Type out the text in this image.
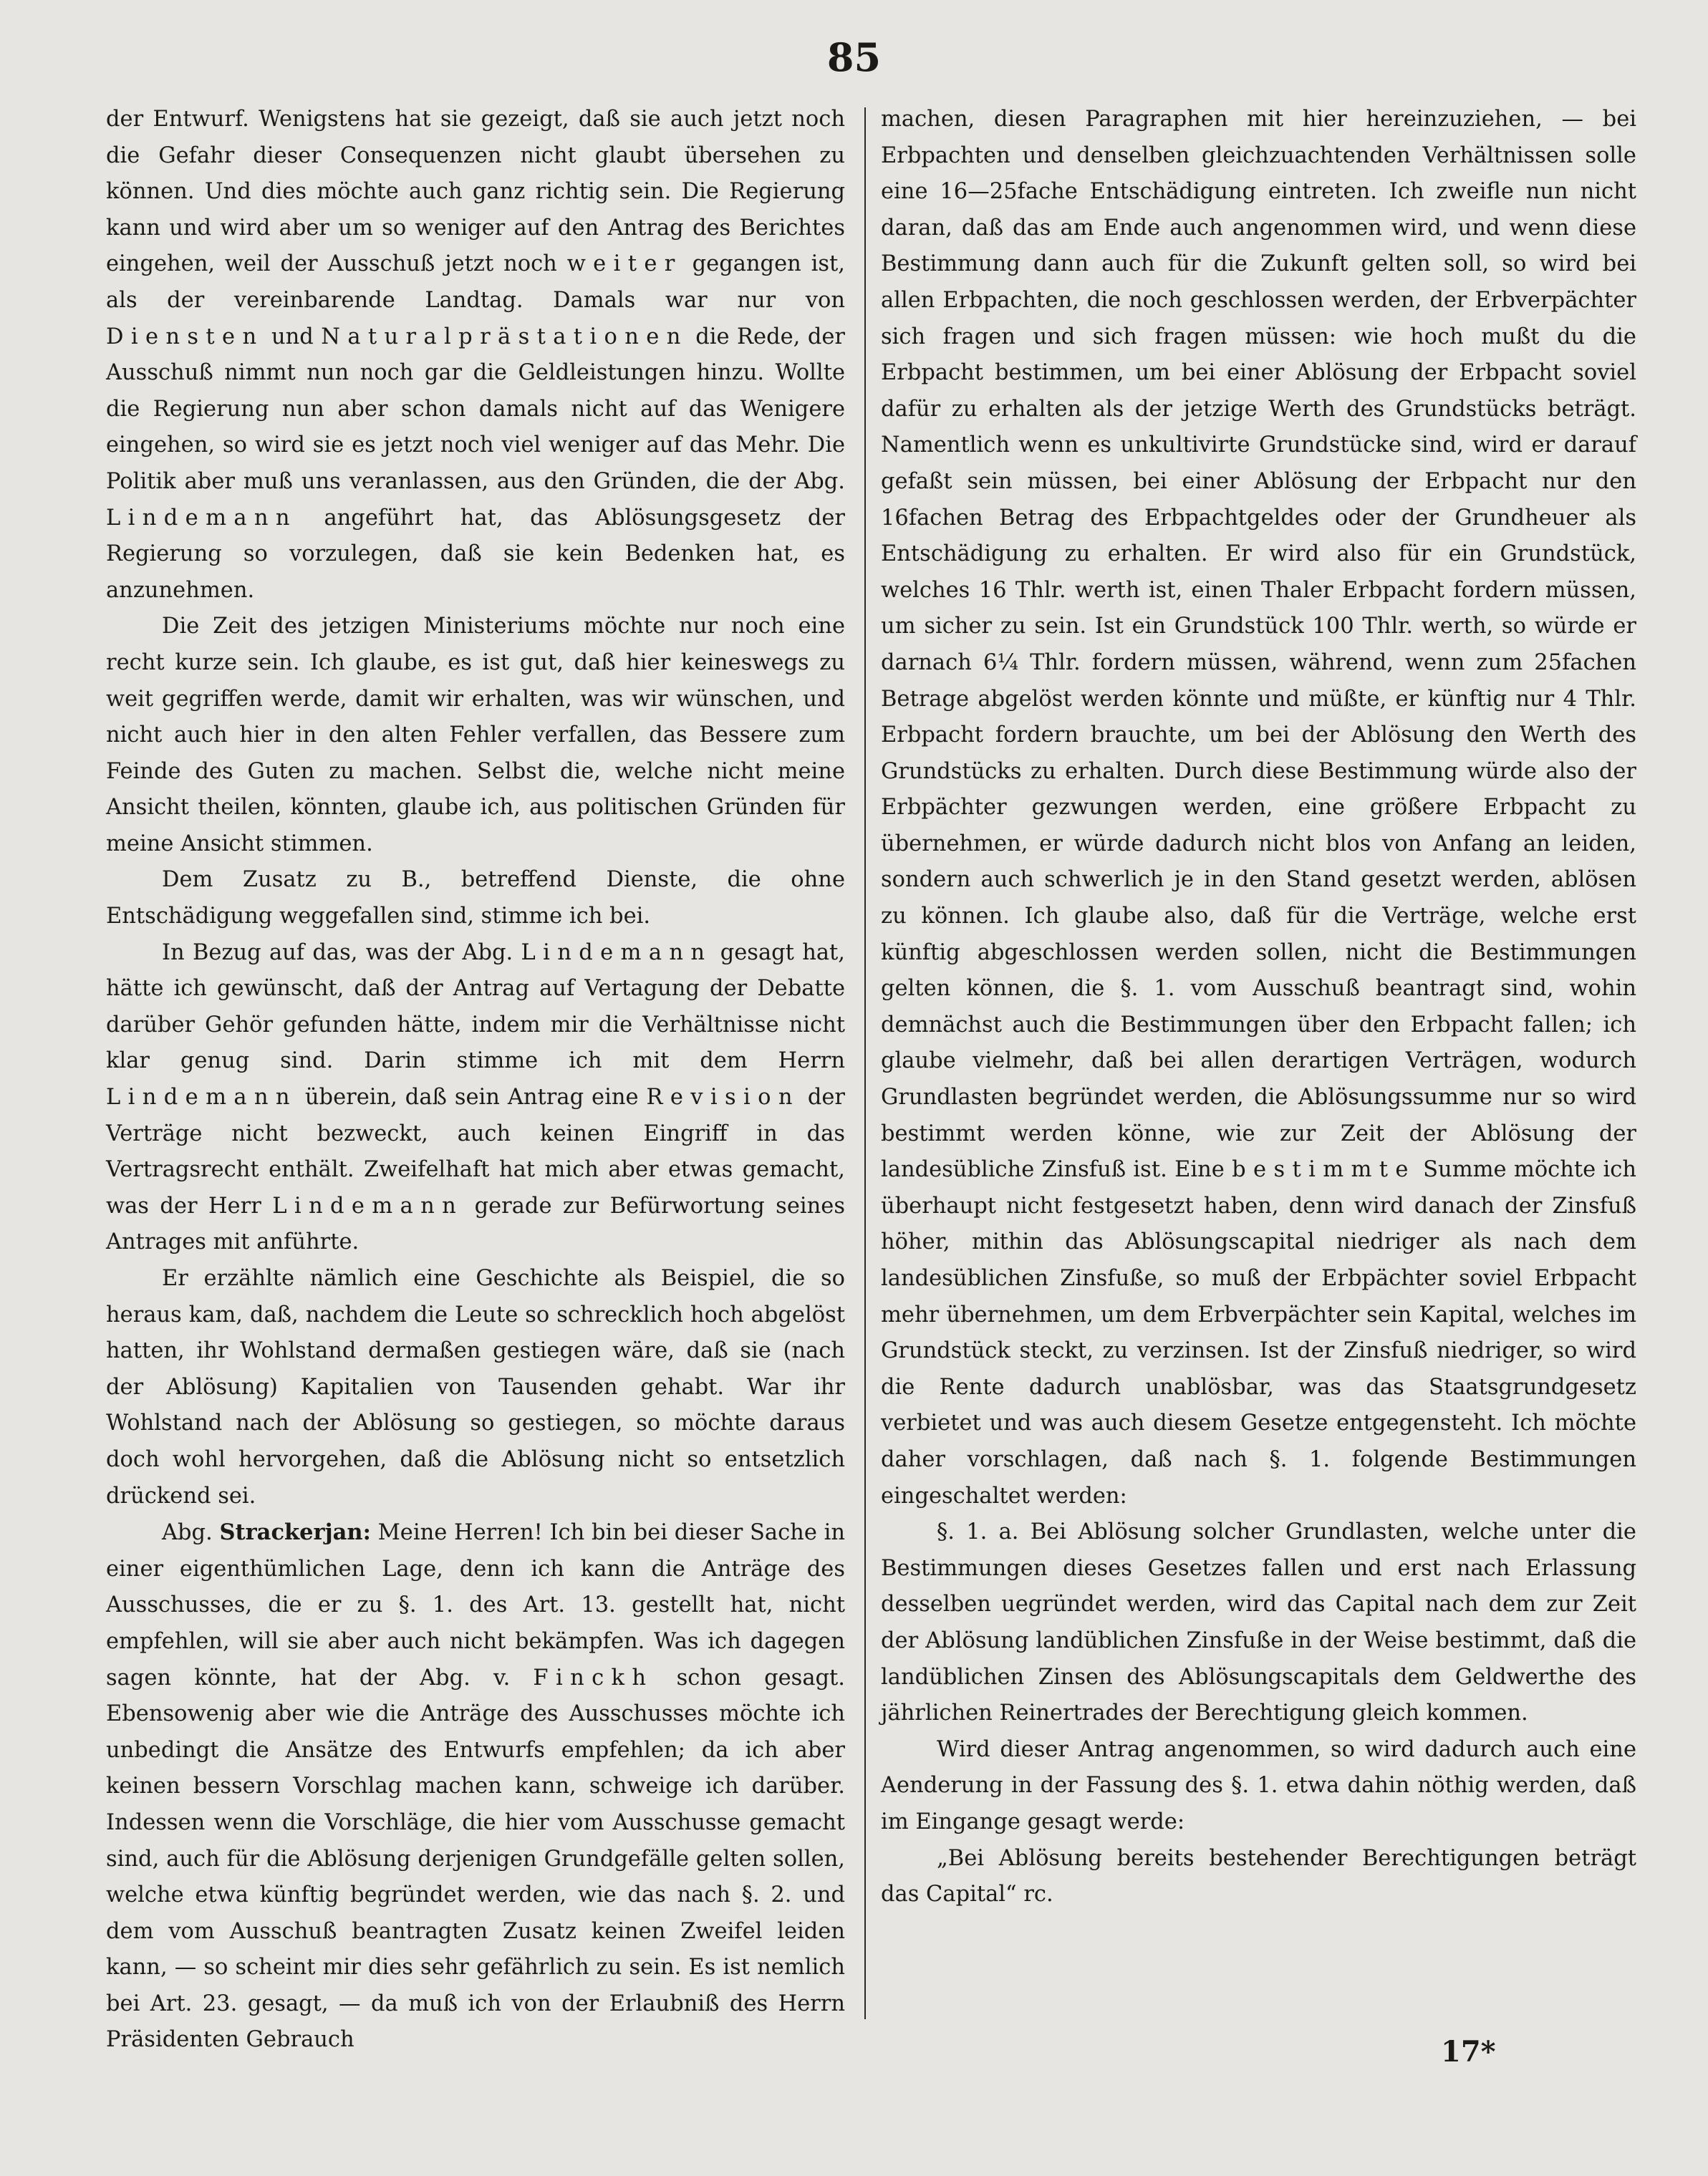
85

der Entwurf. Wenigstens hat sie gezeigt, daß sie auch jetzt noch die Gefahr dieser Consequenzen nicht glaubt übersehen zu können. Und dies möchte auch ganz richtig sein. Die Regierung kann und wird aber um so weniger auf den Antrag des Berichtes eingehen, weil der Ausschuß jetzt noch weiter gegangen ist, als der vereinbarende Landtag. Damals war nur von Diensten und Naturalprästationen die Rede, der Ausschuß nimmt nun noch gar die Geldleistungen hinzu. Wollte die Regierung nun aber schon damals nicht auf das Wenigere eingehen, so wird sie es jetzt noch viel weniger auf das Mehr. Die Politik aber muß uns veranlassen, aus den Gründen, die der Abg. Lindemann angeführt hat, das Ablösungsgesetz der Regierung so vorzulegen, daß sie kein Bedenken hat, es anzunehmen.

Die Zeit des jetzigen Ministeriums möchte nur noch eine recht kurze sein. Ich glaube, es ist gut, daß hier keineswegs zu weit gegriffen werde, damit wir erhalten, was wir wünschen, und nicht auch hier in den alten Fehler verfallen, das Bessere zum Feinde des Guten zu machen. Selbst die, welche nicht meine Ansicht theilen, könnten, glaube ich, aus politischen Gründen für meine Ansicht stimmen.

Dem Zusatz zu B., betreffend Dienste, die ohne Entschädigung weggefallen sind, stimme ich bei.

In Bezug auf das, was der Abg. Lindemann gesagt hat, hätte ich gewünscht, daß der Antrag auf Vertagung der Debatte darüber Gehör gefunden hätte, indem mir die Verhältnisse nicht klar genug sind. Darin stimme ich mit dem Herrn Lindemann überein, daß sein Antrag eine Revision der Verträge nicht bezweckt, auch keinen Eingriff in das Vertragsrecht enthält. Zweifelhaft hat mich aber etwas gemacht, was der Herr Lindemann gerade zur Befürwortung seines Antrages mit anführte.

Er erzählte nämlich eine Geschichte als Beispiel, die so heraus kam, daß, nachdem die Leute so schrecklich hoch abgelöst hatten, ihr Wohlstand dermaßen gestiegen wäre, daß sie (nach der Ablösung) Kapitalien von Tausenden gehabt. War ihr Wohlstand nach der Ablösung so gestiegen, so möchte daraus doch wohl hervorgehen, daß die Ablösung nicht so entsetzlich drückend sei.

Abg. Strackerjan: Meine Herren! Ich bin bei dieser Sache in einer eigenthümlichen Lage, denn ich kann die Anträge des Ausschusses, die er zu §. 1. des Art. 13. gestellt hat, nicht empfehlen, will sie aber auch nicht bekämpfen. Was ich dagegen sagen könnte, hat der Abg. v. Finckh schon gesagt. Ebensowenig aber wie die Anträge des Ausschusses möchte ich unbedingt die Ansätze des Entwurfs empfehlen; da ich aber keinen bessern Vorschlag machen kann, schweige ich darüber. Indessen wenn die Vorschläge, die hier vom Ausschusse gemacht sind, auch für die Ablösung derjenigen Grundgefälle gelten sollen, welche etwa künftig begründet werden, wie das nach §. 2. und dem vom Ausschuß beantragten Zusatz keinen Zweifel leiden kann, — so scheint mir dies sehr gefährlich zu sein. Es ist nemlich bei Art. 23. gesagt, — da muß ich von der Erlaubniß des Herrn Präsidenten Gebrauch

machen, diesen Paragraphen mit hier hereinzuziehen, — bei Erbpachten und denselben gleichzuachtenden Verhältnissen solle eine 16—25fache Entschädigung eintreten. Ich zweifle nun nicht daran, daß das am Ende auch angenommen wird, und wenn diese Bestimmung dann auch für die Zukunft gelten soll, so wird bei allen Erbpachten, die noch geschlossen werden, der Erbverpächter sich fragen und sich fragen müssen: wie hoch mußt du die Erbpacht bestimmen, um bei einer Ablösung der Erbpacht soviel dafür zu erhalten als der jetzige Werth des Grundstücks beträgt. Namentlich wenn es unkultivirte Grundstücke sind, wird er darauf gefaßt sein müssen, bei einer Ablösung der Erbpacht nur den 16fachen Betrag des Erbpachtgeldes oder der Grundheuer als Entschädigung zu erhalten. Er wird also für ein Grundstück, welches 16 Thlr. werth ist, einen Thaler Erbpacht fordern müssen, um sicher zu sein. Ist ein Grundstück 100 Thlr. werth, so würde er darnach 6¼ Thlr. fordern müssen, während, wenn zum 25fachen Betrage abgelöst werden könnte und müßte, er künftig nur 4 Thlr. Erbpacht fordern brauchte, um bei der Ablösung den Werth des Grundstücks zu erhalten. Durch diese Bestimmung würde also der Erbpächter gezwungen werden, eine größere Erbpacht zu übernehmen, er würde dadurch nicht blos von Anfang an leiden, sondern auch schwerlich je in den Stand gesetzt werden, ablösen zu können. Ich glaube also, daß für die Verträge, welche erst künftig abgeschlossen werden sollen, nicht die Bestimmungen gelten können, die §. 1. vom Ausschuß beantragt sind, wohin demnächst auch die Bestimmungen über den Erbpacht fallen; ich glaube vielmehr, daß bei allen derartigen Verträgen, wodurch Grundlasten begründet werden, die Ablösungssumme nur so wird bestimmt werden könne, wie zur Zeit der Ablösung der landesübliche Zinsfuß ist. Eine bestimmte Summe möchte ich überhaupt nicht festgesetzt haben, denn wird danach der Zinsfuß höher, mithin das Ablösungscapital niedriger als nach dem landesüblichen Zinsfuße, so muß der Erbpächter soviel Erbpacht mehr übernehmen, um dem Erbverpächter sein Kapital, welches im Grundstück steckt, zu verzinsen. Ist der Zinsfuß niedriger, so wird die Rente dadurch unablösbar, was das Staatsgrundgesetz verbietet und was auch diesem Gesetze entgegensteht. Ich möchte daher vorschlagen, daß nach §. 1. folgende Bestimmungen eingeschaltet werden:

§. 1. a. Bei Ablösung solcher Grundlasten, welche unter die Bestimmungen dieses Gesetzes fallen und erst nach Erlassung desselben uegründet werden, wird das Capital nach dem zur Zeit der Ablösung landüblichen Zinsfuße in der Weise bestimmt, daß die landüblichen Zinsen des Ablösungscapitals dem Geldwerthe des jährlichen Reinertrades der Berechtigung gleich kommen.

Wird dieser Antrag angenommen, so wird dadurch auch eine Aenderung in der Fassung des §. 1. etwa dahin nöthig werden, daß im Eingange gesagt werde:

„Bei Ablösung bereits bestehender Berechtigungen beträgt das Capital“ rc.

17*
